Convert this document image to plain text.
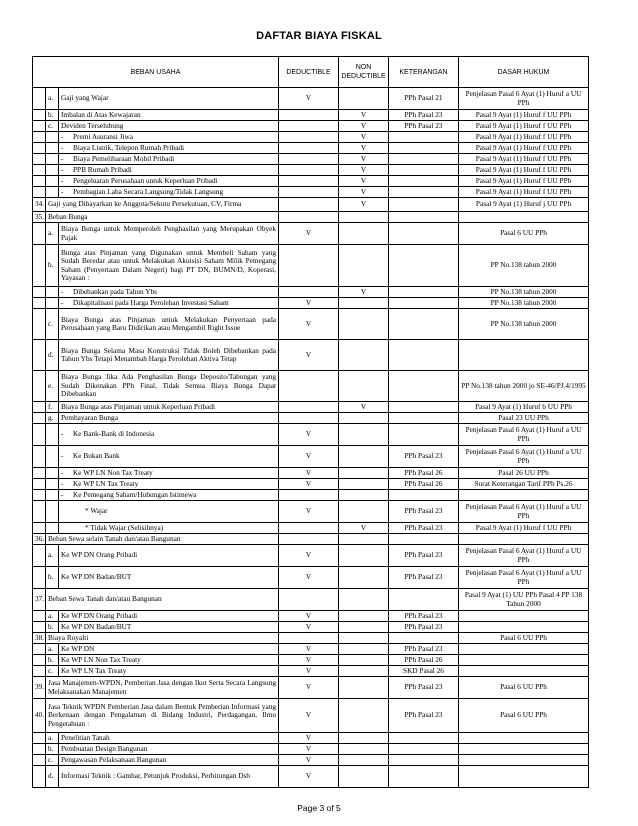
DAFTAR BIAYA FISKAL
BEBAN USAHA			DEDUCTIBLE	NON DEDUCTIBLE	KETERANGAN	DASAR HUKUM
	a.	Gaji yang Wajar	V		PPh Pasal 21	Penjelasan Pasal 6 Ayat (1) Huruf a UU PPh
	b.	Imbalan di Atas Kewajaran		V	PPh Pasal 23	Pasal 9 Ayat (1) Huruf f UU PPh
	c.	Deviden Terselubung		V	PPh Pasal 23	Pasal 9 Ayat (1) Huruf f UU PPh
		- Premi Asuransi Jiwa		V		Pasal 9 Ayat (1) Huruf f UU PPh
		- Biaya Listrik, Telepon Rumah Pribadi		V		Pasal 9 Ayat (1) Huruf f UU PPh
		- Biaya Pemeliharaan Mobil Pribadi		V		Pasal 9 Ayat (1) Huruf f UU PPh
		- PPB Rumah Pribadi		V		Pasal 9 Ayat (1) Huruf f UU PPh
		- Pengeluaran Perusahaan untuk Keperluan Pribadi		V		Pasal 9 Ayat (1) Huruf f UU PPh
		- Pembagian Laba Secara Langsung/Tidak Langsung		V		Pasal 9 Ayat (1) Huruf f UU PPh
34.	Gaji yang Dibayarkan ke Anggota/Sekutu Persekutuan, CV, Firma			V		Pasal 9 Ayat (1) Huruf j UU PPh
35.	Beban Bunga					
	a.	Biaya Bunga untuk Memperoleh Penghasilan yang Merupakan Obyek Pajak	V			Pasal 6 UU PPh
	b.	Bunga atas Pinjaman yang Digunakan untuk Membeli Saham yang Sudah Beredar atau untuk Melakukan Akuisisi Saham Milik Pemegang Saham (Penyertaan Dalam Negeri) bagi PT DN, BUMN/D, Koperasi, Yayasan :				PP No.138 tahun 2000
		- Dibebankan pada Tahun Ybs		V		PP No.138 tahun 2000
		- Dikapitalisasi pada Harga Perolehan Investasi Saham	V			PP No.138 tahun 2000
	c.	Biaya Bunga atas Pinjaman untuk Melakukan Penyertaan pada Perusahaan yang Baru Didirikan atau Mengambil Right Issue	V			PP No.138 tahun 2000
	d.	Biaya Bunga Selama Masa Konstruksi Tidak Boleh Dibebankan pada Tahun Ybs Tetapi Menambah Harga Perolehan Aktiva Tetap	V			
	e.	Biaya Bunga Jika Ada Penghasilan Bunga Deposito/Tabungan yang Sudah Dikenakan PPh Final, Tidak Semua Biaya Bunga Dapat Dibebankan				PP No.138 tahun 2000 jo SE-46/PJ.4/1995
	f.	Biaya Bunga atas Pinjaman untuk Keperluan Pribadi		V		Pasal 9 Ayat (1) Huruf b UU PPh
	g.	Pembayaran Bunga				Pasal 23 UU PPh
		- Ke Bank-Bank di Indonesia	V			Penjelasan Pasal 6 Ayat (1) Huruf a UU PPh
		- Ke Bukan Bank	V		PPh Pasal 23	Penjelasan Pasal 6 Ayat (1) Huruf a UU PPh
		- Ke WP LN Non Tax Treaty	V		PPh Pasal 26	Pasal 26 UU PPh
		- Ke WP LN Tax Treaty	V		PPh Pasal 26	Surat Keterangan Tarif PPh Ps.26
		- Ke Pemegang Saham/Hubungan Istimewa				
		* Wajar	V		PPh Pasal 23	Penjelasan Pasal 6 Ayat (1) Huruf a UU PPh
		* Tidak Wajar (Selisihnya)		V	PPh Pasal 23	Pasal 9 Ayat (1) Huruf f UU PPh
36.	Beban Sewa selain Tanah dan/atau Bangunan					
	a.	Ke WP DN Orang Pribadi	V		PPh Pasal 23	Penjelasan Pasal 6 Ayat (1) Huruf a UU PPh
	b.	Ke WP DN Badan/BUT	V		PPh Pasal 23	Penjelasan Pasal 6 Ayat (1) Huruf a UU PPh
37.	Beban Sewa Tanah dan/atau Bangunan					Pasal 9 Ayat (1) UU PPh Pasal 4 PP 138 Tahun 2000
	a.	Ke WP DN Orang Pribadi	V		PPh Pasal 23	
	b.	Ke WP DN Badan/BUT	V		PPh Pasal 23	
38.	Biaya Royalti					Pasal 6 UU PPh
	a.	Ke WP DN	V		PPh Pasal 23	
	b.	Ke WP LN Non Tax Treaty	V		PPh Pasal 26	
	c.	Ke WP LN Tax Treaty	V		SKD Pasal 26	
39.	Jasa Manajemen-WPDN, Pemberian Jasa dengan Ikut Serta Secara Langsung Melaksanakan Manajemen		V		PPh Pasal 23	Pasal 6 UU PPh
40.	Jasa Teknik WPDN Pemberian Jasa dalam Bentuk Pemberian Informasi yang Berkenaan dengan Pengalaman di Bidang Industri, Perdagangan, Ilmu Pengetahuan :		V		PPh Pasal 23	Pasal 6 UU PPh
	a.	Penelitian Tanah	V			
	b.	Pembuatan Design Bangunan	V			
	c.	Pengawasan Pelaksanaan Bangunan	V			
	d.	Informasi Teknik : Gambar, Petunjuk Produksi, Perhitungan Dsb	V			
Page 3 of 5
